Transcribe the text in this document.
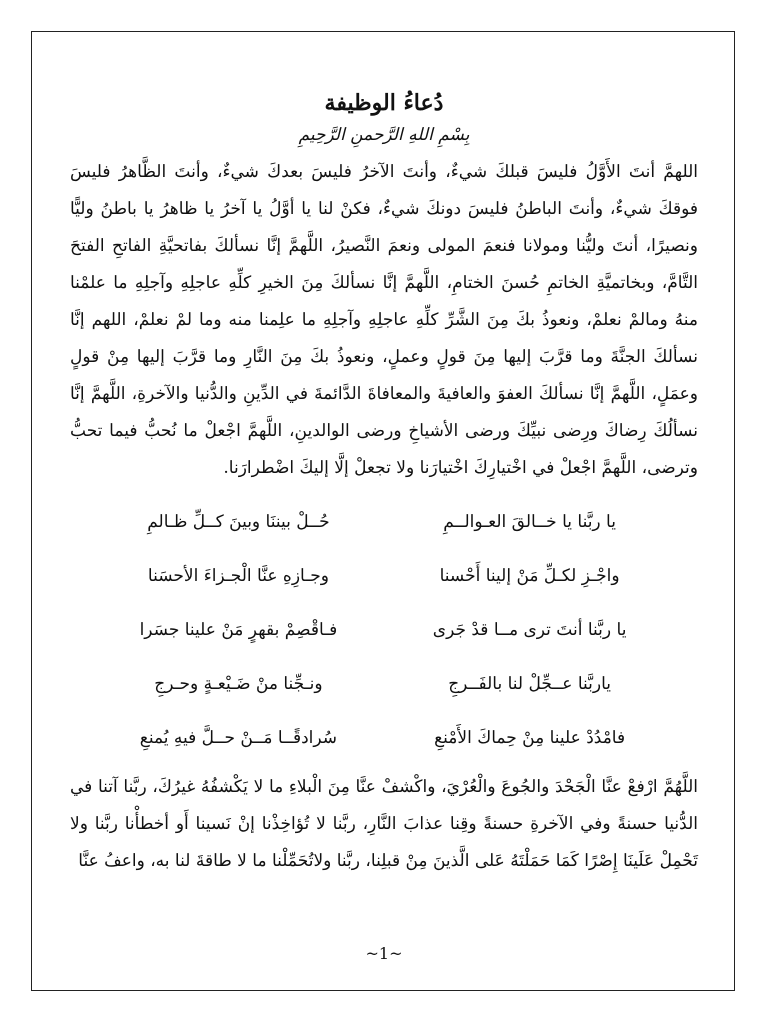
دُعاءُ الوظيفة

بِسْمِ اللهِ الرَّحمنِ الرَّحِيمِ

اللهمَّ أنتَ الأَوَّلُ فليسَ قبلكَ شيءٌ، وأنتَ الآخرُ فليسَ بعدكَ شيءٌ، وأنتَ الظَّاهرُ فليسَ فوقكَ شيءٌ، وأنتَ الباطنُ فليسَ دونكَ شيءٌ، فكنْ لنا يا أوَّلُ يا آخرُ يا ظاهرُ يا باطنُ وليًّا ونصيرًا، أنتَ وليُّنا ومولانا فنعمَ المولى ونعمَ النَّصيرُ، اللَّهمَّ إنَّا نسألكَ بفاتحيَّةِ الفاتحِ الفتحَ التَّامَّ، وبخاتميَّةِ الخاتمِ حُسنَ الختامِ، اللَّهمَّ إنَّا نسألكَ مِنَ الخيرِ كلِّهِ عاجلِهِ وآجلِهِ ما علمْنا منهُ ومالمْ نعلمْ، ونعوذُ بكَ مِنَ الشَّرِّ كلِّهِ عاجلِهِ وآجلِهِ ما علِمنا منه وما لمْ نعلمْ، اللهم إنَّا نسألكَ الجنَّةَ وما قرَّبَ إليها مِنَ قولٍ وعملٍ، ونعوذُ بكَ مِنَ النَّارِ وما قرَّبَ إليها مِنْ قولٍ وعمَلٍ، اللَّهمَّ إنَّا نسألكَ العفوَ والعافيةَ والمعافاةَ الدَّائمةَ في الدِّينِ والدُّنيا والآخرةِ، اللَّهمَّ إنَّا نسألُكَ رِضاكَ ورِضى نبيِّكَ ورضى الأشياخِ ورضى الوالدينِ، اللَّهمَّ اجْعلْ ما نُحبُّ فيما تحبُّ وترضى، اللَّهمَّ اجْعلْ في اخْتيارِكَ اخْتيارَنا ولا تجعلْ إلَّا إليكَ اضْطرارَنا.

يا ربَّنا يا خــالقَ العـوالــمِ
حُــلْ بيننَا وبينَ كــلِّ ظـالمِ
واجْـزِ لكـلِّ مَنْ إلينا أَحْسنا
وجـازِهِ عنَّا الْجـزاءَ الأحسَنا
يا ربَّنا أنتَ ترى مــا قدْ جَرى
فـاقْصِمْ بقهرٍ مَنْ علينا جسَرا
ياربَّنا عــجِّلْ لنا بالفَــرجِ
ونـجِّنا منْ ضَـيْعـةٍ وحـرجِ
فامْدُدْ علينا مِنْ حِماكَ الأَمْنعِ
سُرادقًــا مَــنْ حــلَّ فيهِ يُمنعِ

اللَّهُمَّ ارْفعْ عنَّا الْجَحْدَ والجُوعَ والْعُرْيَ، واكْشفْ عنَّا مِنَ الْبلاءِ ما لا يَكْشفُهُ غيرُكَ، ربَّنا آتنا في الدُّنيا حسنةً وفي الآخرةِ حسنةً وقِنا عذابَ النَّارِ، ربَّنا لا تُؤاخِذْنا إنْ نَسينا أَو أخطأْنا ربَّنا ولا تَحْمِلْ عَلَينَا إِصْرًا كَمَا حَمَلْتَهُ عَلى الَّذينَ مِنْ قبلِنا، ربَّنا ولاتُحَمِّلْنا ما لا طاقةَ لنا به، واعفُ عنَّا

~1~
